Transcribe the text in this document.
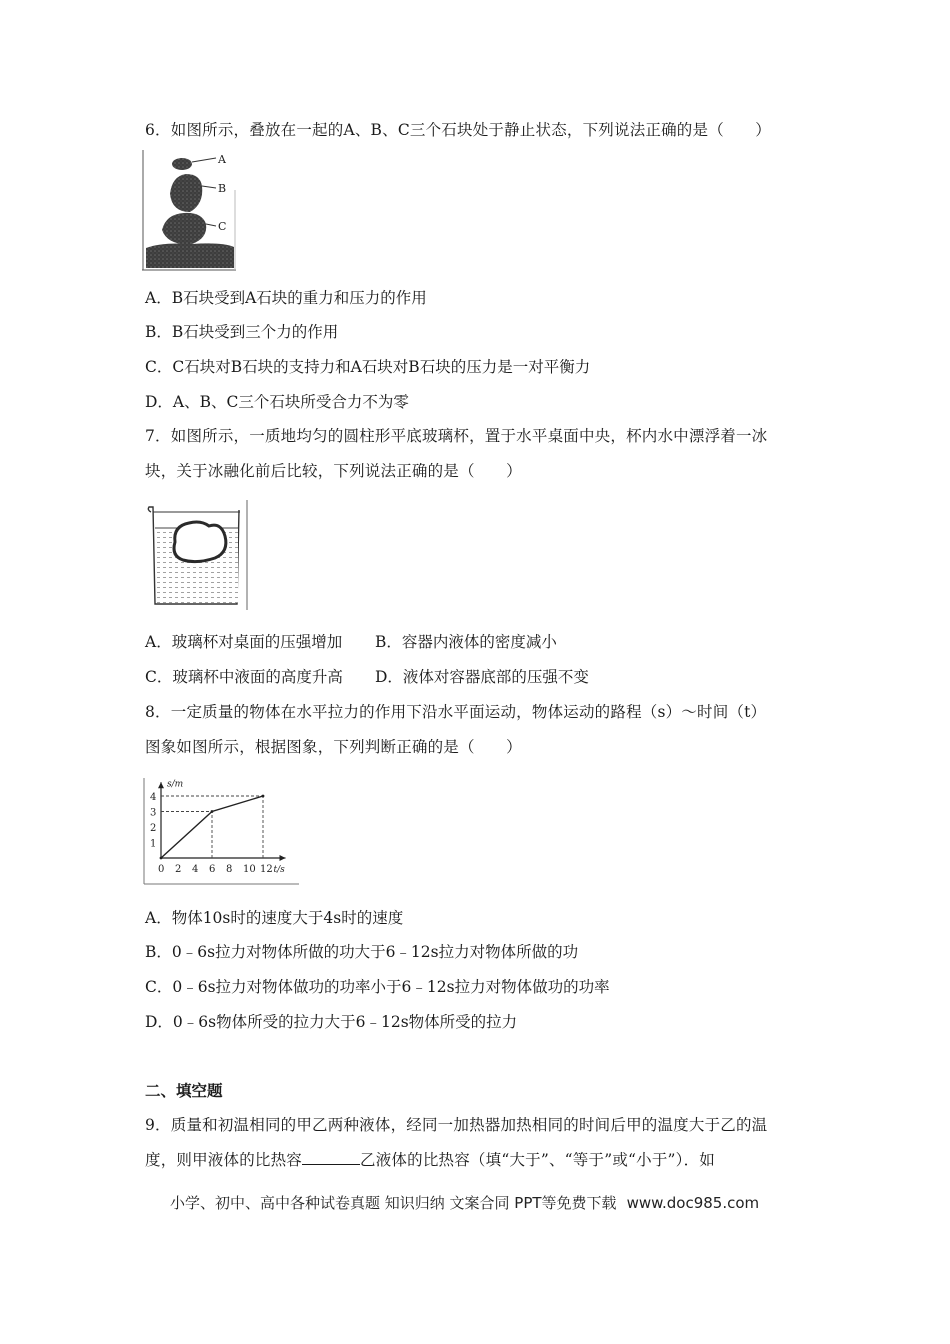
6．如图所示，叠放在一起的A、B、C三个石块处于静止状态，下列说法正确的是（　　）
A
B
C
A．B石块受到A石块的重力和压力的作用
B．B石块受到三个力的作用
C．C石块对B石块的支持力和A石块对B石块的压力是一对平衡力
D．A、B、C三个石块所受合力不为零
7．如图所示，一质地均匀的圆柱形平底玻璃杯，置于水平桌面中央，杯内水中漂浮着一冰
块，关于冰融化前后比较，下列说法正确的是（　　）
A．玻璃杯对桌面的压强增加 B．容器内液体的密度减小
C．玻璃杯中液面的高度升高 D．液体对容器底部的压强不变
8．一定质量的物体在水平拉力的作用下沿水平面运动，物体运动的路程（s）～时间（t）
图象如图所示，根据图象，下列判断正确的是（　　）
0 2 4 6 8 10 12
1
2
3
4
s/m
t/s
A．物体10s时的速度大于4s时的速度
B．0﹣6s拉力对物体所做的功大于6﹣12s拉力对物体所做的功
C．0﹣6s拉力对物体做功的功率小于6﹣12s拉力对物体做功的功率
D．0﹣6s物体所受的拉力大于6﹣12s物体所受的拉力
二、填空题
9．质量和初温相同的甲乙两种液体，经同一加热器加热相同的时间后甲的温度大于乙的温
度，则甲液体的比热容	乙液体的比热容（填“大于”、“等于”或“小于”）．如
小学、初中、高中各种试卷真题 知识归纳 文案合同 PPT等免费下载 www.doc985.com
